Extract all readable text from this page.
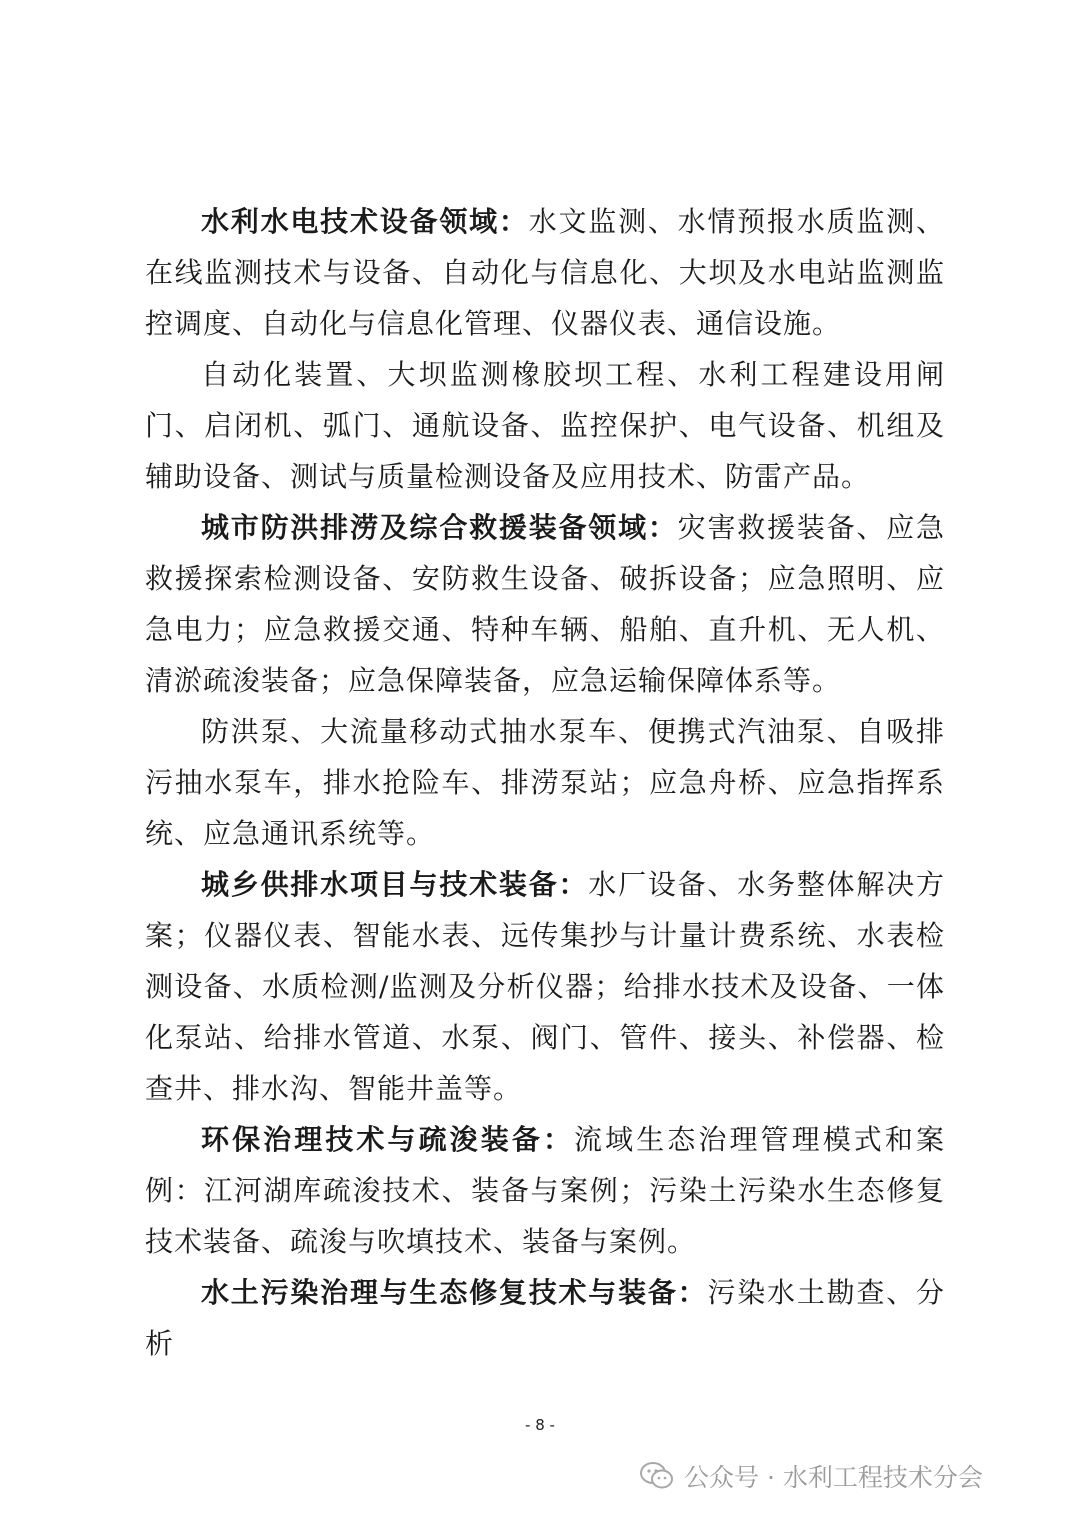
水利水电技术设备领域：水文监测、水情预报水质监测、在线监测技术与设备、自动化与信息化、大坝及水电站监测监控调度、自动化与信息化管理、仪器仪表、通信设施。

自动化装置、大坝监测橡胶坝工程、水利工程建设用闸门、启闭机、弧门、通航设备、监控保护、电气设备、机组及辅助设备、测试与质量检测设备及应用技术、防雷产品。

城市防洪排涝及综合救援装备领域：灾害救援装备、应急救援探索检测设备、安防救生设备、破拆设备；应急照明、应急电力；应急救援交通、特种车辆、船舶、直升机、无人机、清淤疏浚装备；应急保障装备，应急运输保障体系等。

防洪泵、大流量移动式抽水泵车、便携式汽油泵、自吸排污抽水泵车，排水抢险车、排涝泵站；应急舟桥、应急指挥系统、应急通讯系统等。

城乡供排水项目与技术装备：水厂设备、水务整体解决方案；仪器仪表、智能水表、远传集抄与计量计费系统、水表检测设备、水质检测/监测及分析仪器；给排水技术及设备、一体化泵站、给排水管道、水泵、阀门、管件、接头、补偿器、检查井、排水沟、智能井盖等。

环保治理技术与疏浚装备：流域生态治理管理模式和案例：江河湖库疏浚技术、装备与案例；污染土污染水生态修复技术装备、疏浚与吹填技术、装备与案例。

水土污染治理与生态修复技术与装备：污染水土勘查、分析

- 8 -
公众号 · 水利工程技术分会
